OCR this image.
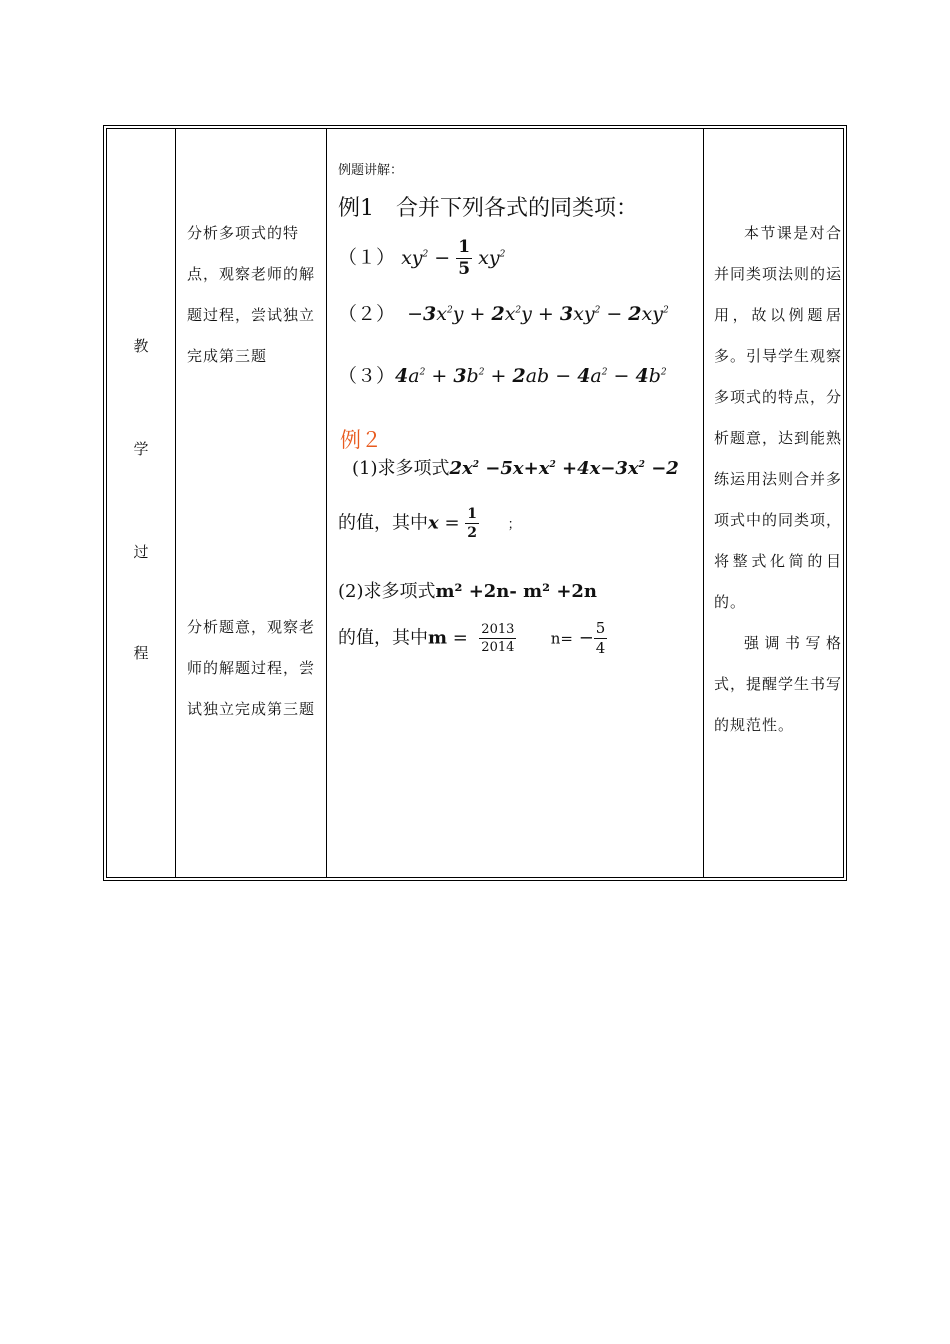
教
学
过
程
分析多项式的特点，观察老师的解题过程，尝试独立完成第三题
分析题意，观察老师的解题过程，尝试独立完成第三题
例题讲解：
例1　合并下列各式的同类项：
（１） $xy^2 - \frac{1}{5} xy^2$
$(2) -3x^2y + 2x^2y + 3xy^2 - 2xy^2$
$(3)4a^2 + 3b^2 + 2ab - 4a^2 - 4b^2$
例２
(1)求多项式$2x^2 -5x+x^2 +4x-3x^2 -2$
的值，其中$x = \frac{1}{2}$ ；
(2)求多项式m² +2n- m² +2n
的值，其中$m = \frac{2013}{2014} n= - \frac{5}{4}$

本节课是对合并同类项法则的运用，故以例题居多。引导学生观察多项式的特点，分析题意，达到能熟练运用法则合并多项式中的同类项，将整式化简的目的。

强调书写格式，提醒学生书写的规范性。
